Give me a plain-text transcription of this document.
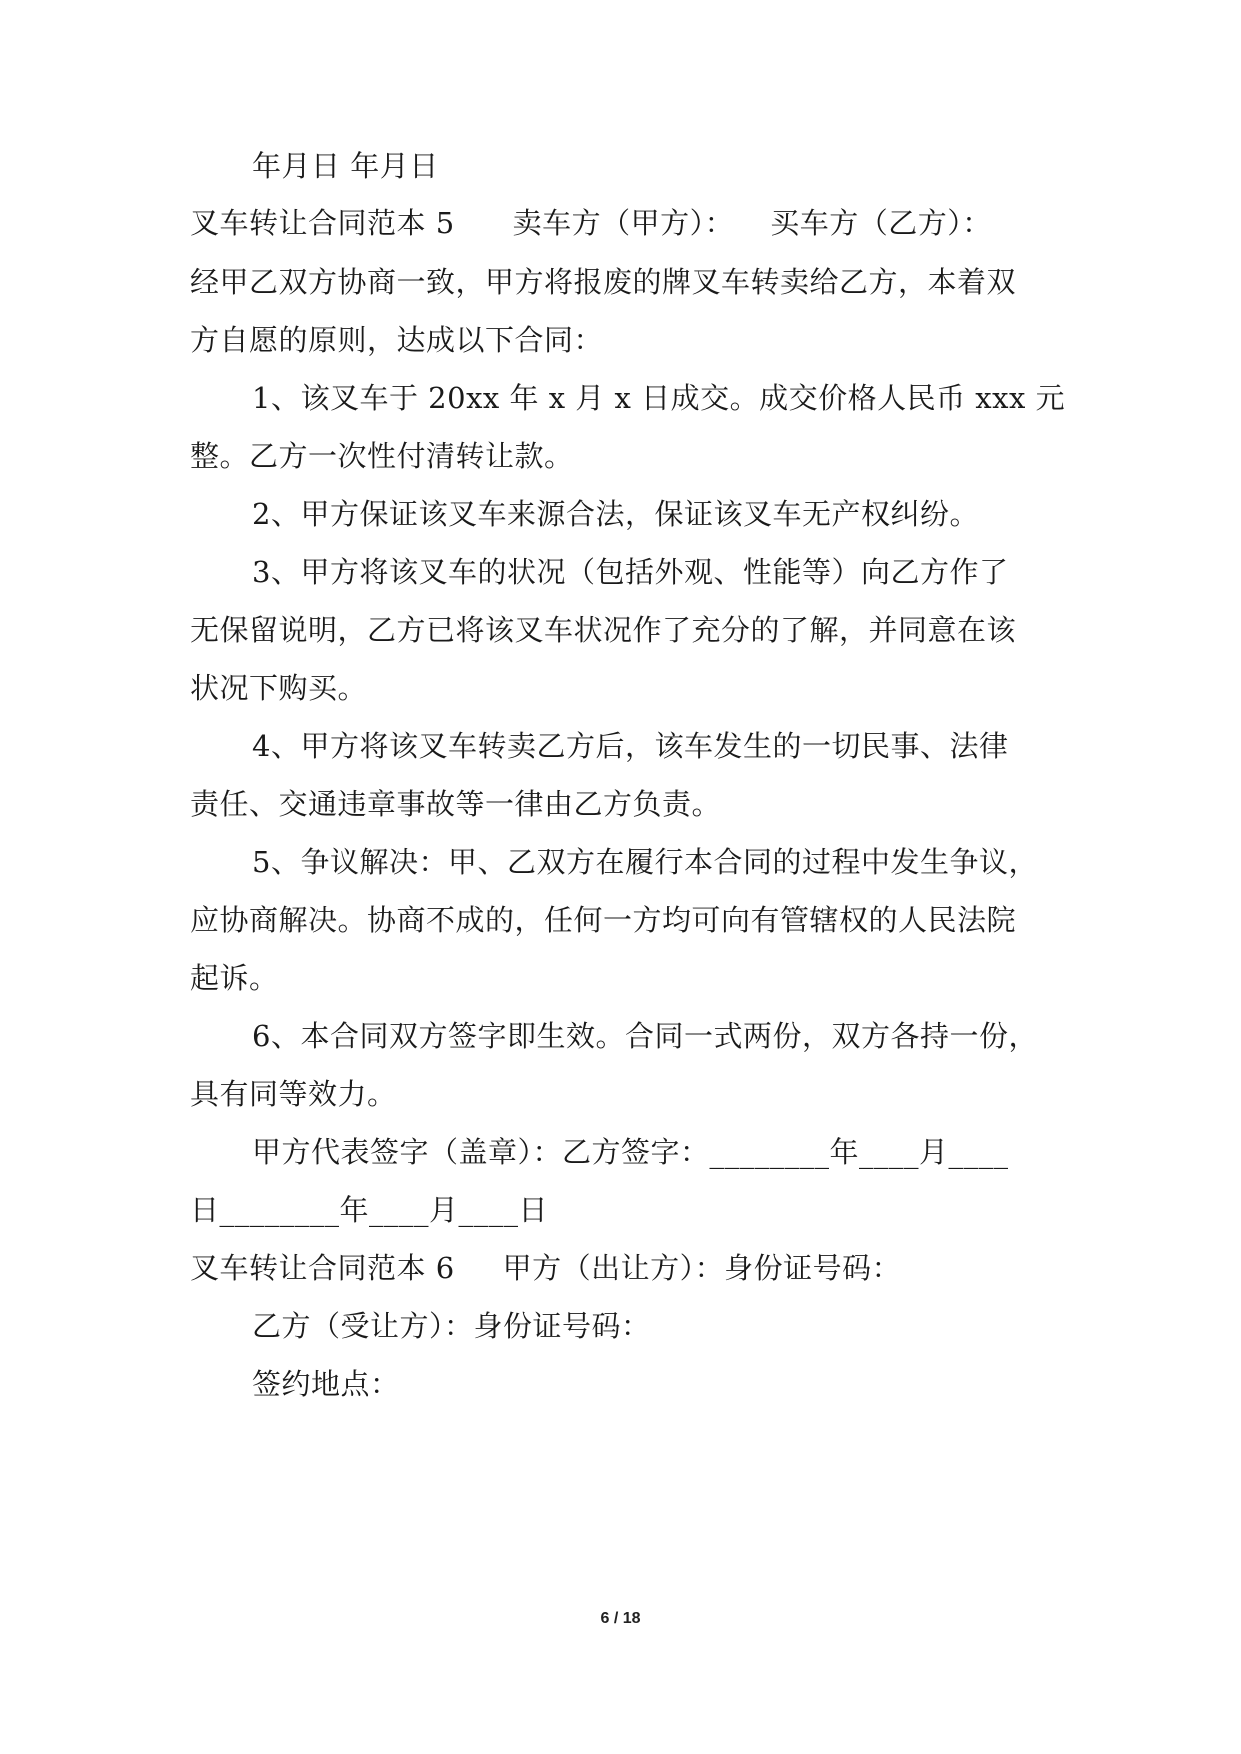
年月日 年月日
叉车转让合同范本 5 卖车方（甲方）： 买车方（乙方）：
经甲乙双方协商一致，甲方将报废的牌叉车转卖给乙方，本着双
方自愿的原则，达成以下合同：
1、该叉车于 20xx 年 x 月 x 日成交。成交价格人民币 xxx 元
整。乙方一次性付清转让款。
2、甲方保证该叉车来源合法，保证该叉车无产权纠纷。
3、甲方将该叉车的状况（包括外观、性能等）向乙方作了
无保留说明，乙方已将该叉车状况作了充分的了解，并同意在该
状况下购买。
4、甲方将该叉车转卖乙方后，该车发生的一切民事、法律
责任、交通违章事故等一律由乙方负责。
5、争议解决：甲、乙双方在履行本合同的过程中发生争议，
应协商解决。协商不成的，任何一方均可向有管辖权的人民法院
起诉。
6、本合同双方签字即生效。合同一式两份，双方各持一份，
具有同等效力。
甲方代表签字（盖章）：乙方签字：________年____月____
日________年____月____日
叉车转让合同范本 6 甲方（出让方）：身份证号码：
乙方（受让方）：身份证号码：
签约地点：
6 / 18
